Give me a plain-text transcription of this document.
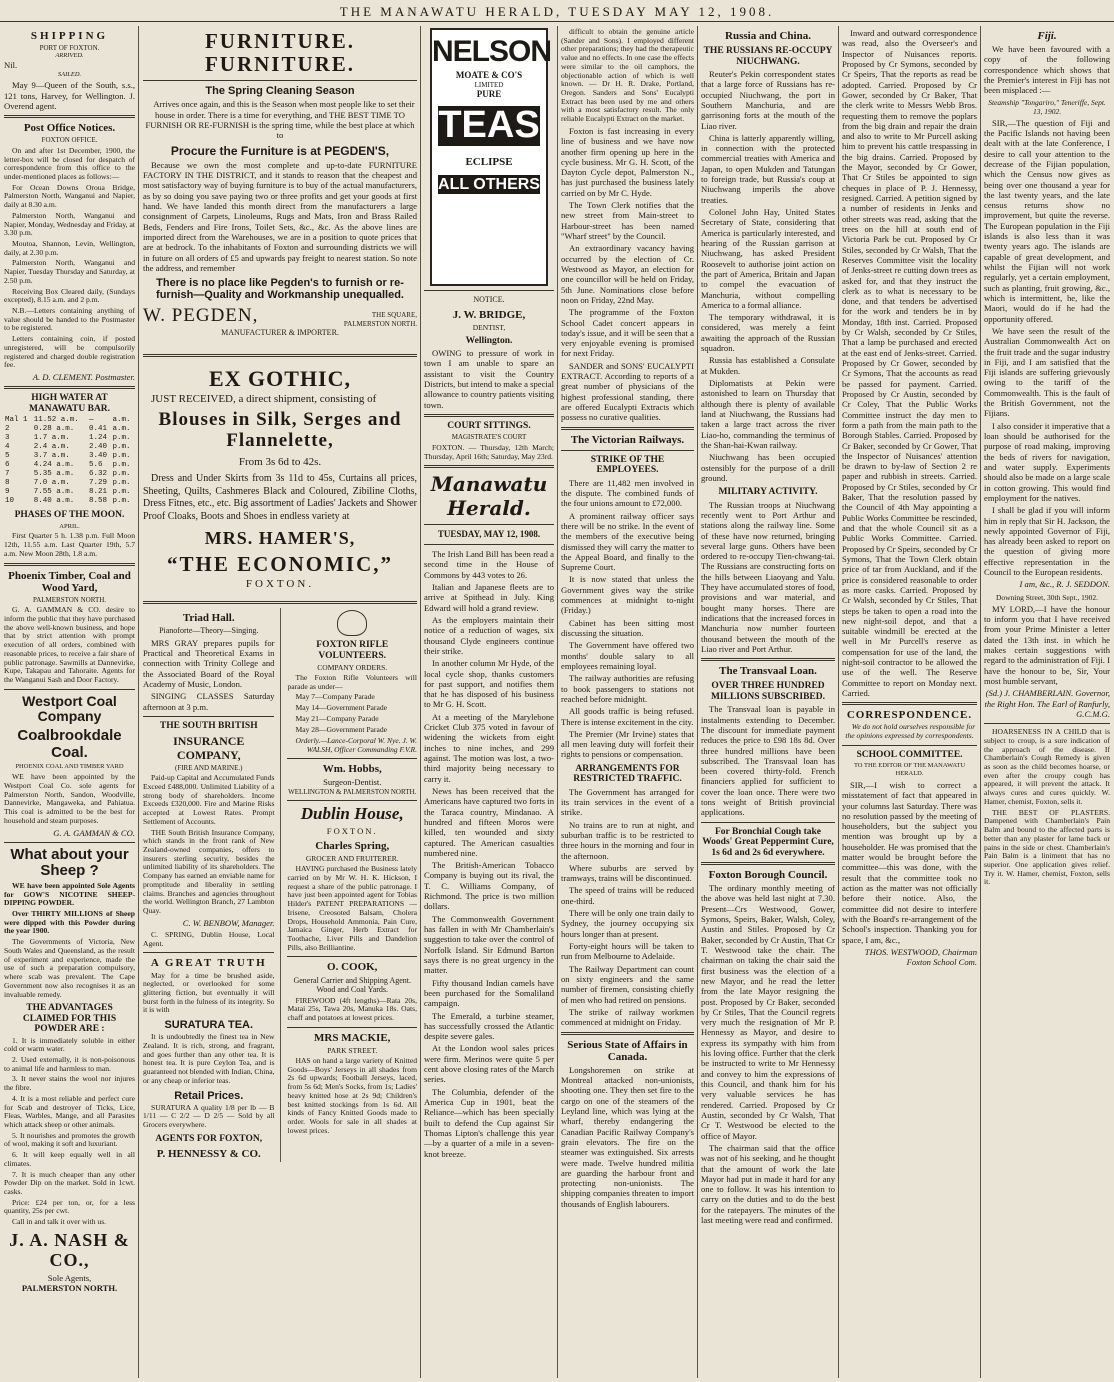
THE MANAWATU HERALD, TUESDAY MAY 12, 1908.
SHIPPING
PORT OF FOXTON.
ARRIVED.
Nil.
SAILED.
May 9—Queen of the South, s.s., 121 tons, Harvey, for Wellington. J. Overend agent.
Post Office Notices.
FOXTON OFFICE.
On and after 1st December, 1900, the letter-box will be closed for despatch of correspondence from this office to the under-mentioned places as follows:—
For Ocean Downs Oroua Bridge, Palmerston North, Wanganui and Napier, daily at 8.30 a.m.
Palmerston North, Wanganui and Napier, Monday, Wednesday and Friday, at 3.30 p.m.
Moutoa, Shannon, Levin, Wellington, daily, at 2.30 p.m.
Palmerston North, Wanganui and Napier, Tuesday Thursday and Saturday, at 2.50 p.m.
Receiving Box Cleared daily, (Sundays excepted), 8.15 a.m. and 2 p.m.
N.B.—Letters containing anything of value should be handed to the Postmaster to be registered.
Letters containing coin, if posted unregistered, will be compulsorily registered and charged double registration fee.
A. D. CLEMENT. Postmaster.
HIGH WATER AT MANAWATU BAR.
Mal 1	11.52 a.m.	—	a.m.
2	0.28 a.m.	0.41	a.m.
3	1.7 a.m.	1.24	p.m.
4	2.4 a.m.	2.40	p.m.
5	3.7 a.m.	3.40	p.m.
6	4.24 a.m.	5.6	p.m.
7	5.35 a.m.	6.32	p.m.
8	7.0 a.m.	7.29	p.m.
9	7.55 a.m.	8.21	p.m.
10	8.40 a.m.	8.58	p.m.
PHASES OF THE MOON.
APRIL.
First Quarter 5 h. 1.38 p.m. Full Moon 12th, 11.55 a.m. Last Quarter 19th, 5.7 a.m. New Moon 28th, 1.8 a.m.
Phoenix Timber, Coal and Wood Yard,
PALMERSTON NORTH.
G. A. GAMMAN & CO. desire to inform the public that they have purchased the above well-known business, and hope that by strict attention with prompt execution of all orders, combined with reasonable prices, to receive a fair share of public patronage. Sawmills at Dannevirke, Kupe, Takapau and Tahoraite. Agents for the Wanganui Sash and Door Factory.
Westport Coal Company
Coalbrookdale Coal.
PHOENIX COAL AND TIMBER YARD
WE have been appointed by the Westport Coal Co. sole agents for Palmerston North, Sandon, Woodville, Dannevirke, Mangaweka, and Pahiatua. This coal is admitted to be the best for household and steam purposes.
G. A. GAMMAN & CO.
What about your Sheep ?
WE have been appointed Sole Agents for GOW'S NICOTINE SHEEP-DIPPING POWDER.
Over THIRTY MILLIONS of Sheep were dipped with this Powder during the year 1900.
The Governments of Victoria, New South Wales and Queensland, as the result of experiment and experience, made the use of such a preparation compulsory, where scab was prevalent. The Cape Government now also recognises it as an invaluable remedy.
THE ADVANTAGES CLAIMED FOR THIS POWDER ARE :
1. It is immediately soluble in either cold or warm water.
2. Used externally, it is non-poisonous to animal life and harmless to man.
3. It never stains the wool nor injures the fibre.
4. It is a most reliable and perfect cure for Scab and destroyer of Ticks, Lice, Fleas, Warbles, Mange, and all Parasites which attack sheep or other animals.
5. It nourishes and promotes the growth of wool, making it soft and luxuriant.
6. It will keep equally well in all climates.
7. It is much cheaper than any other Powder Dip on the market. Sold in 1cwt. casks.
Price: £24 per ton, or, for a less quantity, 25s per cwt.
Call in and talk it over with us.
J. A. NASH & CO.,
Sole Agents,
PALMERSTON NORTH.
FURNITURE. FURNITURE.
The Spring Cleaning Season
Arrives once again, and this is the Season when most people like to set their house in order. There is a time for everything, and THE BEST TIME TO FURNISH OR RE-FURNISH is the spring time, while the best place at which to
Procure the Furniture is at PEGDEN'S,
Because we own the most complete and up-to-date FURNITURE FACTORY IN THE DISTRICT, and it stands to reason that the cheapest and most satisfactory way of buying furniture is to buy of the actual manufacturers, as by so doing you save paying two or three profits and get your goods at first hand. We have landed this month direct from the manufacturers a large consignment of Carpets, Linoleums, Rugs and Mats, Iron and Brass Railed Beds, Fenders and Fire Irons, Toilet Sets, &c., &c. As the above lines are imported direct from the Warehouses, we are in a position to quote prices that are at bedrock. To the inhabitants of Foxton and surrounding districts we will in future on all orders of £5 and upwards pay freight to nearest station. So note the address, and remember
There is no place like Pegden's to furnish or re-furnish—Quality and Workmanship unequalled.
W. PEGDEN,	THE SQUARE, PALMERSTON NORTH.
MANUFACTURER & IMPORTER.
EX GOTHIC,
JUST RECEIVED, a direct shipment, consisting of
Blouses in Silk, Serges and Flannelette,
From 3s 6d to 42s.
Dress and Under Skirts from 3s 11d to 45s, Curtains all prices, Sheeting, Quilts, Cashmeres Black and Coloured, Zibiline Cloths, Dress Fitnes, etc., etc. Big assortment of Ladies' Jackets and Shower Proof Cloaks, Boots and Shoes in endless variety at
MRS. HAMER'S,
“THE ECONOMIC,”
FOXTON.
Triad Hall.
Pianoforte—Theory—Singing.
MRS GRAY prepares pupils for Practical and Theoretical Exams in connection with Trinity College and the Associated Board of the Royal Academy of Music, London.
SINGING CLASSES Saturday afternoon at 3 p.m.
THE SOUTH BRITISH
INSURANCE COMPANY,
(FIRE AND MARINE.)
Paid-up Capital and Accumulated Funds Exceed £488,000. Unlimited Liability of a strong body of shareholders. Income Exceeds £320,000. Fire and Marine Risks accepted at Lowest Rates. Prompt Settlement of Accounts.
THE South British Insurance Company, which stands in the front rank of New Zealand-owned companies, offers to insurers sterling security, besides the unlimited liability of its shareholders. The Company has earned an enviable name for promptitude and liberality in settling claims. Branches and agencies throughout the world. Wellington Branch, 27 Lambton Quay.
C. W. BENBOW, Manager.
C. SPRING, Dublin House, Local Agent.
A GREAT TRUTH
May for a time be brushed aside, neglected, or overlooked for some glittering fiction, but eventually it will burst forth in the fulness of its integrity. So it is with
SURATURA TEA.
It is undoubtedly the finest tea in New Zealand. It is rich, strong, and fragrant, and goes further than any other tea. It is honest tea. It is pure Ceylon Tea, and is guaranteed not blended with Indian, China, or any cheap or inferior teas.
Retail Prices.
SURATURA A quality 1/8 per lb — B 1/11 — C 2/2 — D 2/5 — Sold by all Grocers everywhere.
AGENTS FOR FOXTON,
P. HENNESSY & CO.
FOXTON RIFLE VOLUNTEERS.
COMPANY ORDERS.
The Foxton Rifle Volunteers will parade as under—
May 7—Company Parade
May 14—Government Parade
May 21—Company Parade
May 28—Government Parade
Orderly.—Lance-Corporal W. Nye. J. W. WALSH, Officer Commanding F.V.R.
Wm. Hobbs,
Surgeon-Dentist.
WELLINGTON & PALMERSTON NORTH.
Dublin House,
FOXTON.
Charles Spring,
GROCER AND FRUITERER.
HAVING purchased the Business lately carried on by Mr W. H. K. Hickson, I request a share of the public patronage. I have just been appointed agent for Tobias Hilder's PATENT PREPARATIONS — Irisene, Creosoted Balsam, Cholera Drops, Household Ammonia, Pain Cure, Jamaica Ginger, Herb Extract for Toothache, Liver Pills and Dandelion Pills, also Brilliantine.
O. COOK,
General Carrier and Shipping Agent.
Wood and Coal Yards.
FIREWOOD (4ft lengths)—Rata 20s, Matai 25s, Tawa 20s, Manuka 18s. Oats, chaff and potatoes at lowest prices.
MRS MACKIE,
PARK STREET.
HAS on hand a large variety of Knitted Goods—Boys' Jerseys in all shades from 2s 6d upwards; Football Jerseys, laced, from 5s 6d; Men's Socks, from 1s; Ladies' heavy knitted hose at 2s 9d; Children's best knitted stockings from 1s 6d. All kinds of Fancy Knitted Goods made to order. Wools for sale in all shades at lowest prices.
NELSON
MOATE & CO'S
LIMITED
PURE
TEAS
ECLIPSE
ALL OTHERS
NOTICE.
J. W. BRIDGE,
DENTIST,
Wellington.
OWING to pressure of work in town I am unable to spare an assistant to visit the Country Districts, but intend to make a special allowance to country patients visiting town.
COURT SITTINGS.
MAGISTRATE'S COURT
FOXTON. — Thursday, 12th March; Thursday, April 16th; Saturday, May 23rd.
Manawatu Herald.
TUESDAY, MAY 12, 1908.
The Irish Land Bill has been read a second time in the House of Commons by 443 votes to 26.
Italian and Japanese fleets are to arrive at Spithead in July. King Edward will hold a grand review.
As the employers maintain their notice of a reduction of wages, six thousand Clyde engineers continue their strike.
In another column Mr Hyde, of the local cycle shop, thanks customers for past support, and notifies them that he has disposed of his business to Mr G. H. Scott.
At a meeting of the Marylebone Cricket Club 375 voted in favour of widening the wickets from eight inches to nine inches, and 299 against. The motion was lost, a two-third majority being necessary to carry it.
News has been received that the Americans have captured two forts in the Taraca country, Mindanao. A hundred and fifteen Moros were killed, ten wounded and sixty captured. The American casualties numbered nine.
The British-American Tobacco Company is buying out its rival, the T. C. Williams Company, of Richmond. The price is two million dollars.
The Commonwealth Government has fallen in with Mr Chamberlain's suggestion to take over the control of Norfolk Island. Sir Edmund Barton says there is no great urgency in the matter.
Fifty thousand Indian camels have been purchased for the Somaliland campaign.
The Emerald, a turbine steamer, has successfully crossed the Atlantic despite severe gales.
At the London wool sales prices were firm. Merinos were quite 5 per cent above closing rates of the March series.
The Columbia, defender of the America Cup in 1901, beat the Reliance—which has been specially built to defend the Cup against Sir Thomas Lipton's challenge this year—by a quarter of a mile in a seven-knot breeze.
difficult to obtain the genuine article (Sander and Sons). I employed different other preparations; they had the therapeutic value and no effects. In one case the effects were similar to the oil camphors, the objectionable action of which is well known. — Dr H. R. Drake, Portland, Oregon. Sanders and Sons' Eucalypti Extract has been used by me and others with a most satisfactory result. The only reliable Eucalypti Extract on the market.
Foxton is fast increasing in every line of business and we have now another firm opening up here in the cycle business. Mr G. H. Scott, of the Dayton Cycle depot, Palmerston N., has just purchased the business lately carried on by Mr C. Hyde.
The Town Clerk notifies that the new street from Main-street to Harbour-street has been named "Wharf street" by the Council.
An extraordinary vacancy having occurred by the election of Cr. Westwood as Mayor, an election for one councillor will be held on Friday, 5th June. Nominations close before noon on Friday, 22nd May.
The programme of the Foxton School Cadet concert appears in today's issue, and it will be seen that a very enjoyable evening is promised for next Friday.
SANDER and SONS' EUCALYPTI EXTRACT. According to reports of a great number of physicians of the highest professional standing, there are offered Eucalypti Extracts which possess no curative qualities.
The Victorian Railways.
STRIKE OF THE EMPLOYEES.
There are 11,482 men involved in the dispute. The combined funds of the four unions amount to £72,000.
A prominent railway officer says there will be no strike. In the event of the members of the executive being dismissed they will carry the matter to the Appeal Board, and finally to the Supreme Court.
It is now stated that unless the Government gives way the strike commences at midnight to-night (Friday.)
Cabinet has been sitting most discussing the situation.
The Government have offered two months' double salary to all employees remaining loyal.
The railway authorities are refusing to book passengers to stations not reached before midnight.
All goods traffic is being refused. There is intense excitement in the city.
The Premier (Mr Irvine) states that all men leaving duty will forfeit their rights to pensions or compensation.
ARRANGEMENTS FOR RESTRICTED TRAFFIC.
The Government has arranged for its train services in the event of a strike.
No trains are to run at night, and suburban traffic is to be restricted to three hours in the morning and four in the afternoon.
Where suburbs are served by tramways, trains will be discontinued.
The speed of trains will be reduced one-third.
There will be only one train daily to Sydney, the journey occupying six hours longer than at present.
Forty-eight hours will be taken to run from Melbourne to Adelaide.
The Railway Department can count on sixty engineers and the same number of firemen, consisting chiefly of men who had retired on pensions.
The strike of railway workmen commenced at midnight on Friday.
Serious State of Affairs in Canada.
Longshoremen on strike at Montreal attacked non-unionists, shooting one. They then set fire to the cargo on one of the steamers of the Leyland line, which was lying at the wharf, thereby endangering the Canadian Pacific Railway Company's grain elevators. The fire on the steamer was extinguished. Six arrests were made. Twelve hundred militia are guarding the harbour front and protecting non-unionists. The shipping companies threaten to import thousands of English labourers.
Russia and China.
THE RUSSIANS RE-OCCUPY NIUCHWANG.
Reuter's Pekin correspondent states that a large force of Russians has re-occupied Niuchwang, the port in Southern Manchuria, and are garrisoning forts at the mouth of the Liao river.
China is latterly apparently willing, in connection with the protected commercial treaties with America and Japan, to open Mukden and Tatungan to foreign trade, but Russia's coup at Niuchwang imperils the above treaties.
Colonel John Hay, United States Secretary of State, considering that America is particularly interested, and hearing of the Russian garrison at Niuchwang, has asked President Roosevelt to authorise joint action on the part of America, Britain and Japan to compel the evacuation of Manchuria, without compelling America to a formal alliance.
The temporary withdrawal, it is considered, was merely a feint awaiting the approach of the Russian squadron.
Russia has established a Consulate at Mukden.
Diplomatists at Pekin were astonished to learn on Thursday that although there is plenty of available land at Niuchwang, the Russians had taken a large tract across the river Liao-ho, commanding the terminus of the Shan-hai-Kwan railway.
Niuchwang has been occupied ostensibly for the purpose of a drill ground.
MILITARY ACTIVITY.
The Russian troops at Niuchwang recently went to Port Arthur and stations along the railway line. Some of these have now returned, bringing several large guns. Others have been ordered to re-occupy Tien-chwang-tai. The Russians are constructing forts on the hills between Liaoyang and Yalu. They have accumulated stores of food, provisions and war material, and bought many horses. There are indications that the increased forces in Manchuria now number fourteen thousand between the mouth of the Liao river and Port Arthur.
The Transvaal Loan.
OVER THREE HUNDRED MILLIONS SUBSCRIBED.
The Transvaal loan is payable in instalments extending to December. The discount for immediate payment reduces the price to £98 18s 8d. Over three hundred millions have been subscribed. The Transvaal loan has been covered thirty-fold. French financiers applied for sufficient to cover the loan once. There were two tons weight of British provincial applications.
For Bronchial Cough take Woods' Great Peppermint Cure, 1s 6d and 2s 6d everywhere.
Foxton Borough Council.
The ordinary monthly meeting of the above was held last night at 7.30. Present—Crs Westwood, Gower, Symons, Speirs, Baker, Walsh, Coley, Austin and Stiles. Proposed by Cr Baker, seconded by Cr Austin, That Cr T. Westwood take the chair. The chairman on taking the chair said the first business was the election of a new Mayor, and he read the letter from the late Mayor resigning the post. Proposed by Cr Baker, seconded by Cr Stiles, That the Council regrets very much the resignation of Mr P. Hennessy as Mayor, and desire to express its sympathy with him from his loving office. Further that the clerk be instructed to write to Mr Hennessy and convey to him the expressions of this Council, and thank him for his very valuable services he has rendered. Carried. Proposed by Cr Austin, seconded by Cr Walsh, That Cr T. Westwood be elected to the office of Mayor.
The chairman said that the office was not of his seeking, and he thought that the amount of work the late Mayor had put in made it hard for any one to follow. It was his intention to carry on the duties and to do the best for the ratepayers. The minutes of the last meeting were read and confirmed.
Inward and outward correspondence was read, also the Overseer's and Inspector of Nuisances reports. Proposed by Cr Symons, seconded by Cr Speirs, That the reports as read be adopted. Carried. Proposed by Cr Gower, seconded by Cr Baker, That the clerk write to Messrs Webb Bros. requesting them to remove the poplars from the big drain and repair the drain and also to write to Mr Purcell asking him to prevent his cattle trespassing in the big drains. Carried. Proposed by the Mayor, seconded by Cr Gower, That Cr Stiles be appointed to sign cheques in place of P. J. Hennessy, resigned. Carried. A petition signed by a number of residents in Jenks and other streets was read, asking that the trees on the hill at south end of Victoria Park be cut. Proposed by Cr Stiles, seconded by Cr Walsh, That the Reserves Committee visit the locality of Jenks-street re cutting down trees as asked for, and that they instruct the clerk as to what is necessary to be done, and that tenders be advertised for the work and tenders be in by Monday, 18th inst. Carried. Proposed by Cr Walsh, seconded by Cr Stiles, That a lamp be purchased and erected at the east end of Jenks-street. Carried. Proposed by Cr Gower, seconded by Cr Symons, That the accounts as read be passed for payment. Carried. Proposed by Cr Austin, seconded by Cr Coley, That the Public Works Committee instruct the day men to form a path from the main path to the Borough Stables. Carried. Proposed by Cr Baker, seconded by Cr Gower, That the Inspector of Nuisances' attention be drawn to by-law of Section 2 re paper and rubbish in streets. Carried. Proposed by Cr Stiles, seconded by Cr Baker, That the resolution passed by the Council of 4th May appointing a Public Works Committee be rescinded, and that the whole Council sit as a Public Works Committee. Carried. Proposed by Cr Speirs, seconded by Cr Symons, That the Town Clerk obtain price of tar from Auckland, and if the price is considered reasonable to order as more casks. Carried. Proposed by Cr Walsh, seconded by Cr Stiles, That steps be taken to open a road into the new night-soil depot, and that a suitable windmill be erected at the well in Mr Purcell's reserve as compensation for use of the land, the night-soil contractor to be allowed the use of the well. The Reserve Committee to report on Monday next. Carried.
CORRESPONDENCE.
We do not hold ourselves responsible for the opinions expressed by correspondents.
SCHOOL COMMITTEE.
TO THE EDITOR OF THE MANAWATU HERALD.
SIR,—I wish to correct a misstatement of fact that appeared in your columns last Saturday. There was no resolution passed by the meeting of householders, but the subject you mention was brought up by a householder. He was promised that the matter would be brought before the committee—this was done, with the result that the committee took no action as the matter was not officially before their notice. Also, the committee did not desire to interfere with the Board's re-arrangement of the School's inspection. Thanking you for space, I am, &c.,
THOS. WESTWOOD, Chairman Foxton School Com.
Fiji.
We have been favoured with a copy of the following correspondence which shows that the Premier's interest in Fiji has not been misplaced :—
Steamship "Tongariro," Teneriffe, Sept. 13, 1902.
SIR,—The question of Fiji and the Pacific Islands not having been dealt with at the late Conference, I desire to call your attention to the decrease of the Fijian population, which the Census now gives as being over one thousand a year for the last twenty years, and the late census returns show no improvement, but quite the reverse. The European population in the Fiji islands is also less than it was twenty years ago. The islands are capable of great development, and whilst the Fijian will not work regularly, yet a certain employment, such as planting, fruit growing, &c., which is intermittent, he, like the Maori, would do if he had the opportunity offered.
We have seen the result of the Australian Commonwealth Act on the fruit trade and the sugar industry in Fiji, and I am satisfied that the Fiji islands are suffering grievously owing to the tariff of the Commonwealth. This is the fault of the British Government, not the Fijians.
I also consider it imperative that a loan should be authorised for the purpose of road making, improving the beds of rivers for navigation, and water supply. Experiments should also be made on a large scale in cotton growing. This would find employment for the natives.
I shall be glad if you will inform him in reply that Sir H. Jackson, the newly appointed Governor of Fiji, has already been asked to report on the question of giving more effective representation in the Council to the European residents.
I am, &c., R. J. SEDDON.
Downing Street, 30th Sept., 1902.
MY LORD,—I have the honour to inform you that I have received from your Prime Minister a letter dated the 13th inst. in which he makes certain suggestions with regard to the administration of Fiji. I have the honour to be, Sir, Your most humble servant,
(Sd.) J. CHAMBERLAIN. Governor, the Right Hon. The Earl of Ranfurly, G.C.M.G.
HOARSENESS IN A CHILD that is subject to croup, is a sure indication of the approach of the disease. If Chamberlain's Cough Remedy is given as soon as the child becomes hoarse, or even after the croupy cough has appeared, it will prevent the attack. It always cures and cures quickly. W. Hamer, chemist, Foxton, sells it.
THE BEST OF PLASTERS. Dampened with Chamberlain's Pain Balm and bound to the affected parts is better than any plaster for lame back or pains in the side or chest. Chamberlain's Pain Balm is a liniment that has no superior. One application gives relief. Try it. W. Hamer, chemist, Foxton, sells it.
